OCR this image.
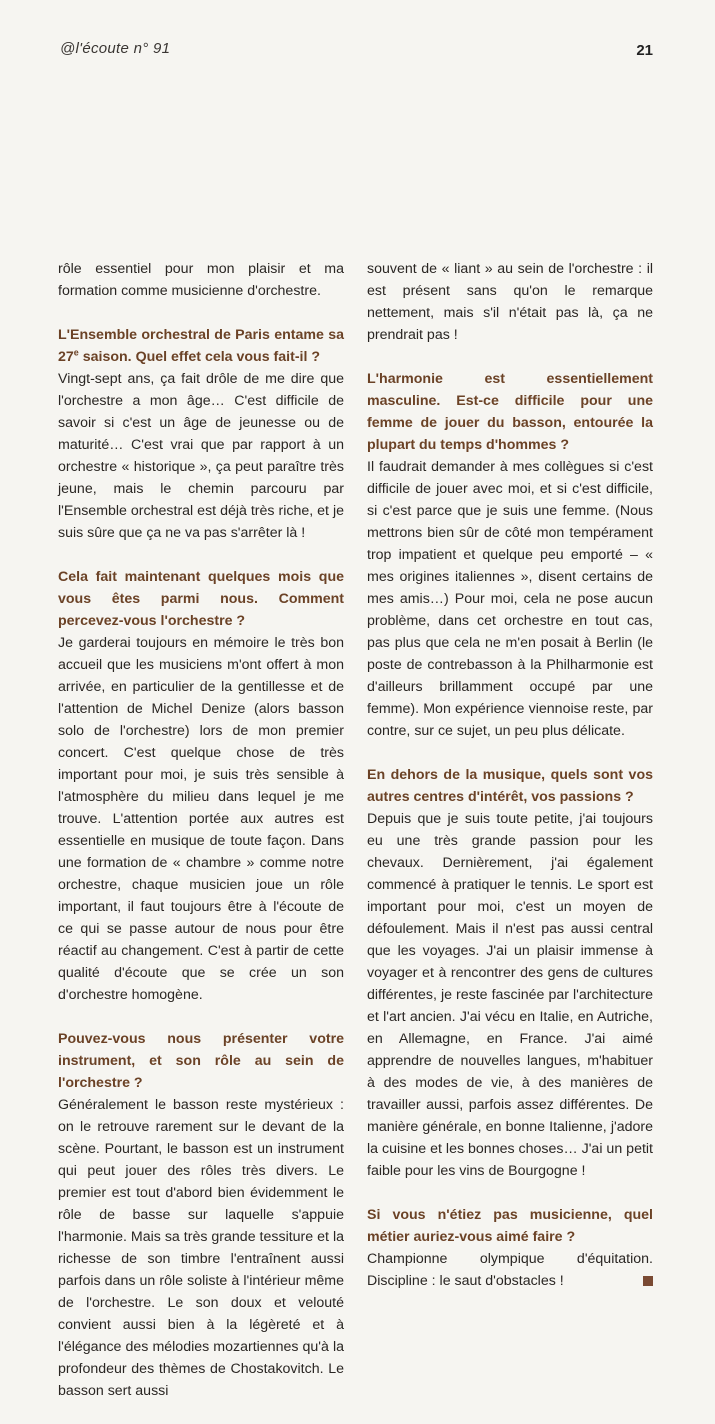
@l'écoute n° 91	21

rôle essentiel pour mon plaisir et ma formation comme musicienne d'orchestre.

L'Ensemble orchestral de Paris entame sa 27e saison. Quel effet cela vous fait-il ?

Vingt-sept ans, ça fait drôle de me dire que l'orchestre a mon âge… C'est difficile de savoir si c'est un âge de jeunesse ou de maturité… C'est vrai que par rapport à un orchestre « historique », ça peut paraître très jeune, mais le chemin parcouru par l'Ensemble orchestral est déjà très riche, et je suis sûre que ça ne va pas s'arrêter là !

Cela fait maintenant quelques mois que vous êtes parmi nous. Comment percevez-vous l'orchestre ?

Je garderai toujours en mémoire le très bon accueil que les musiciens m'ont offert à mon arrivée, en particulier de la gentillesse et de l'attention de Michel Denize (alors basson solo de l'orchestre) lors de mon premier concert. C'est quelque chose de très important pour moi, je suis très sensible à l'atmosphère du milieu dans lequel je me trouve. L'attention portée aux autres est essentielle en musique de toute façon. Dans une formation de « chambre » comme notre orchestre, chaque musicien joue un rôle important, il faut toujours être à l'écoute de ce qui se passe autour de nous pour être réactif au changement. C'est à partir de cette qualité d'écoute que se crée un son d'orchestre homogène.

Pouvez-vous nous présenter votre instrument, et son rôle au sein de l'orchestre ?

Généralement le basson reste mystérieux : on le retrouve rarement sur le devant de la scène. Pourtant, le basson est un instrument qui peut jouer des rôles très divers. Le premier est tout d'abord bien évidemment le rôle de basse sur laquelle s'appuie l'harmonie. Mais sa très grande tessiture et la richesse de son timbre l'entraînent aussi parfois dans un rôle soliste à l'intérieur même de l'orchestre. Le son doux et velouté convient aussi bien à la légèreté et à l'élégance des mélodies mozartiennes qu'à la profondeur des thèmes de Chostakovitch. Le basson sert aussi

souvent de « liant » au sein de l'orchestre : il est présent sans qu'on le remarque nettement, mais s'il n'était pas là, ça ne prendrait pas !

L'harmonie est essentiellement masculine. Est-ce difficile pour une femme de jouer du basson, entourée la plupart du temps d'hommes ?

Il faudrait demander à mes collègues si c'est difficile de jouer avec moi, et si c'est difficile, si c'est parce que je suis une femme. (Nous mettrons bien sûr de côté mon tempérament trop impatient et quelque peu emporté – « mes origines italiennes », disent certains de mes amis…) Pour moi, cela ne pose aucun problème, dans cet orchestre en tout cas, pas plus que cela ne m'en posait à Berlin (le poste de contrebasson à la Philharmonie est d'ailleurs brillamment occupé par une femme). Mon expérience viennoise reste, par contre, sur ce sujet, un peu plus délicate.

En dehors de la musique, quels sont vos autres centres d'intérêt, vos passions ?

Depuis que je suis toute petite, j'ai toujours eu une très grande passion pour les chevaux. Dernièrement, j'ai également commencé à pratiquer le tennis. Le sport est important pour moi, c'est un moyen de défoulement. Mais il n'est pas aussi central que les voyages. J'ai un plaisir immense à voyager et à rencontrer des gens de cultures différentes, je reste fascinée par l'architecture et l'art ancien. J'ai vécu en Italie, en Autriche, en Allemagne, en France. J'ai aimé apprendre de nouvelles langues, m'habituer à des modes de vie, à des manières de travailler aussi, parfois assez différentes. De manière générale, en bonne Italienne, j'adore la cuisine et les bonnes choses… J'ai un petit faible pour les vins de Bourgogne !

Si vous n'étiez pas musicienne, quel métier auriez-vous aimé faire ?

Championne olympique d'équitation. Discipline : le saut d'obstacles !
